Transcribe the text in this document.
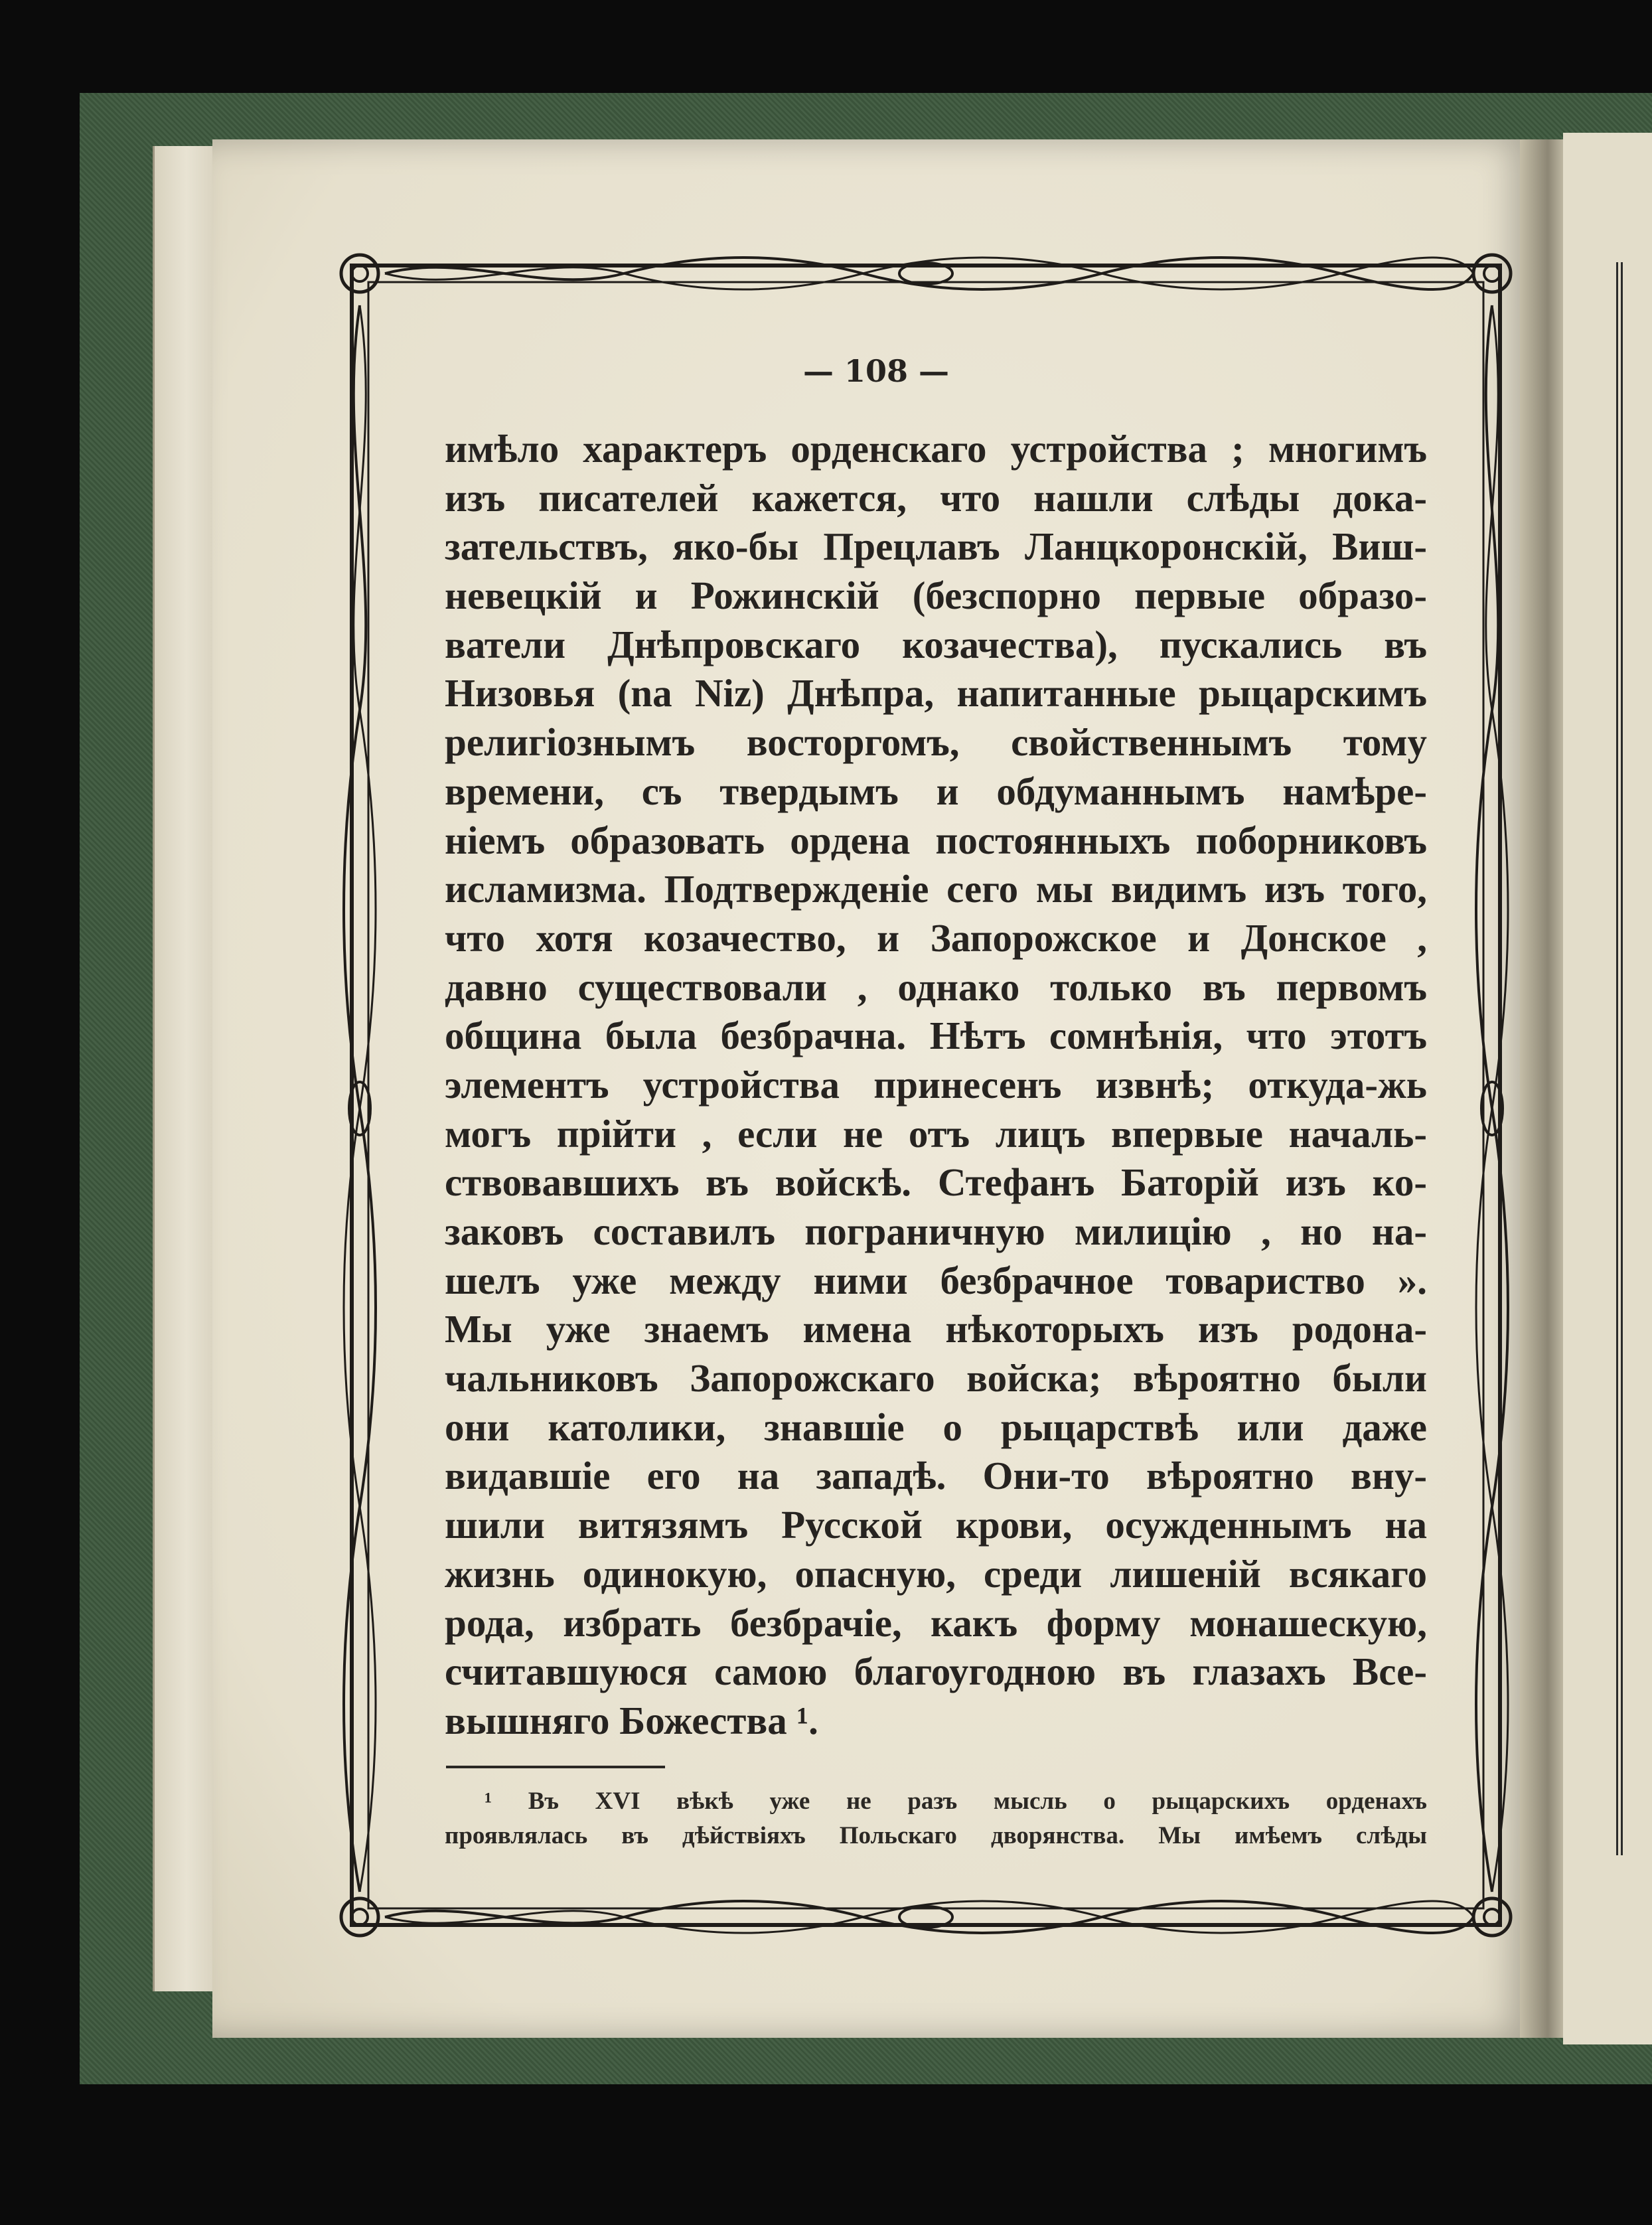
— 108 —
имѣло характеръ орденскаго устройства ; многимъ
изъ писателей кажется, что нашли слѣды дока-
зательствъ, яко-бы Прецлавъ Ланцкоронскій, Виш-
невецкій и Рожинскій (безспорно первые образо-
ватели Днѣпровскаго козачества), пускались въ
Низовья (na Niz) Днѣпра, напитанные рыцарскимъ
религіознымъ восторгомъ, свойственнымъ тому
времени, съ твердымъ и обдуманнымъ намѣре-
ніемъ образовать ордена постоянныхъ поборниковъ
исламизма. Подтвержденіе сего мы видимъ изъ того,
что хотя козачество, и Запорожское и Донское ,
давно существовали , однако только въ первомъ
община была безбрачна. Нѣтъ сомнѣнія, что этотъ
элементъ устройства принесенъ извнѣ; откуда-жь
могъ прійти , если не отъ лицъ впервые началь-
ствовавшихъ въ войскѣ. Стефанъ Баторій изъ ко-
заковъ составилъ пограничную милицію , но на-
шелъ уже между ними безбрачное товариство ».
Мы уже знаемъ имена нѣкоторыхъ изъ родона-
чальниковъ Запорожскаго войска; вѣроятно были
они католики, знавшіе о рыцарствѣ или даже
видавшіе его на западѣ. Они-то вѣроятно вну-
шили витязямъ Русской крови, осужденнымъ на
жизнь одинокую, опасную, среди лишеній всякаго
рода, избрать безбрачіе, какъ форму монашескую,
считавшуюся самою благоугодною въ глазахъ Все-
вышняго Божества ¹.
¹ Въ XVI вѣкѣ уже не разъ мысль о рыцарскихъ орденахъ
проявлялась въ дѣйствіяхъ Польскаго дворянства. Мы имѣемъ слѣды
